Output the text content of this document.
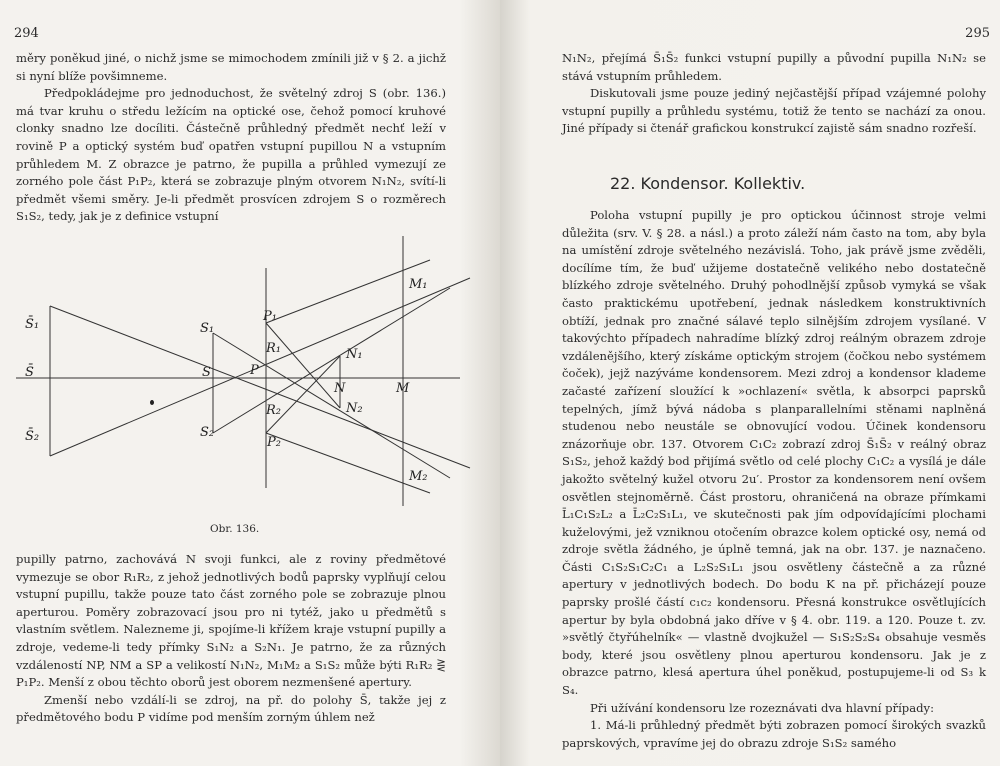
294

měry poněkud jiné, o nichž jsme se mimochodem zmínili již v § 2. a jichž si nyní blíže povšimneme.

Předpokládejme pro jednoduchost, že světelný zdroj S (obr. 136.) má tvar kruhu o středu ležícím na optické ose, čehož pomocí kruhové clonky snadno lze docíliti. Částečně průhledný předmět nechť leží v rovině P a optický systém buď opatřen vstupní pupillou N a vstupním průhledem M. Z obrazce je patrno, že pupilla a průhled vymezují ze zorného pole část P₁P₂, která se zobrazuje plným otvorem N₁N₂, svítí-li předmět všemi směry. Je-li předmět prosvícen zdrojem S o rozměrech S₁S₂, tedy, jak je z definice vstupní

S̄₁
S̄
S̄₂
S₁
S
S₂
P
P₁
P₂
R₁
R₂
N
N₁
N₂
M
M₁
M₂
Obr. 136.

pupilly patrno, zachovává N svoji funkci, ale z roviny předmětové vymezuje se obor R₁R₂, z jehož jednotlivých bodů paprsky vyplňují celou vstupní pupillu, takže pouze tato část zorného pole se zobrazuje plnou aperturou. Poměry zobrazovací jsou pro ni tytéž, jako u předmětů s vlastním světlem. Nalezneme ji, spojíme-li křížem kraje vstupní pupilly a zdroje, vedeme-li tedy přímky S₁N₂ a S₂N₁. Je patrno, že za různých vzdáleností NP, NM a SP a velikostí N₁N₂, M₁M₂ a S₁S₂ může býti R₁R₂ ⋛ P₁P₂. Menší z obou těchto oborů jest oborem nezmenšené apertury.

Zmenší nebo vzdálí-li se zdroj, na př. do polohy S̄, takže jej z předmětového bodu P vidíme pod menším zorným úhlem než

295

N₁N₂, přejímá S̄₁S̄₂ funkci vstupní pupilly a původní pupilla N₁N₂ se stává vstupním průhledem.

Diskutovali jsme pouze jediný nejčastější případ vzájemné polohy vstupní pupilly a průhledu systému, totiž že tento se nachází za onou. Jiné případy si čtenář grafickou konstrukcí zajistě sám snadno rozřeší.

22. Kondensor. Kollektiv.

Poloha vstupní pupilly je pro optickou účinnost stroje velmi důležita (srv. V. § 28. a násl.) a proto záleží nám často na tom, aby byla na umístění zdroje světelného nezávislá. Toho, jak právě jsme zvěděli, docílíme tím, že buď užijeme dostatečně velikého nebo dostatečně blízkého zdroje světelného. Druhý pohodlnější způsob vymyká se však často praktickému upotřebení, jednak následkem konstruktivních obtíží, jednak pro značné sálavé teplo silnějším zdrojem vysílané. V takovýchto případech nahradíme blízký zdroj reálným obrazem zdroje vzdálenějšího, který získáme optickým strojem (čočkou nebo systémem čoček), jejž nazýváme kondensorem. Mezi zdroj a kondensor klademe začasté zařízení sloužící k »ochlazení« světla, k absorpci paprsků tepelných, jímž bývá nádoba s planparallelními stěnami naplněná studenou nebo neustále se obnovující vodou. Účinek kondensoru znázorňuje obr. 137. Otvorem C₁C₂ zobrazí zdroj S̄₁S̄₂ v reálný obraz S₁S₂, jehož každý bod přijímá světlo od celé plochy C₁C₂ a vysílá je dále jakožto světelný kužel otvoru 2u′. Prostor za kondensorem není ovšem osvětlen stejnoměrně. Část prostoru, ohraničená na obraze přímkami L̄₁C₁S₂L₂ a L̄₂C₂S₁L₁, ve skutečnosti pak jím odpovídajícími plochami kuželovými, jež vzniknou otočením obrazce kolem optické osy, nemá od zdroje světla žádného, je úplně temná, jak na obr. 137. je naznačeno. Části C₁S₂S₁C₂C₁ a L₂S₂S₁L₁ jsou osvětleny částečně a za různé apertury v jednotlivých bodech. Do bodu K na př. přicházejí pouze paprsky prošlé částí c₁c₂ kondensoru. Přesná konstrukce osvětlujících apertur by byla obdobná jako dříve v § 4. obr. 119. a 120. Pouze t. zv. »světlý čtyřúhelník« — vlastně dvojkužel — S₁S₂S₂S₄ obsahuje vesměs body, které jsou osvětleny plnou aperturou kondensoru. Jak je z obrazce patrno, klesá apertura úhel poněkud, postupujeme-li od S₃ k S₄.

Při užívání kondensoru lze rozeznávati dva hlavní případy:

1. Má-li průhledný předmět býti zobrazen pomocí širokých svazků paprskových, vpravíme jej do obrazu zdroje S₁S₂ samého
